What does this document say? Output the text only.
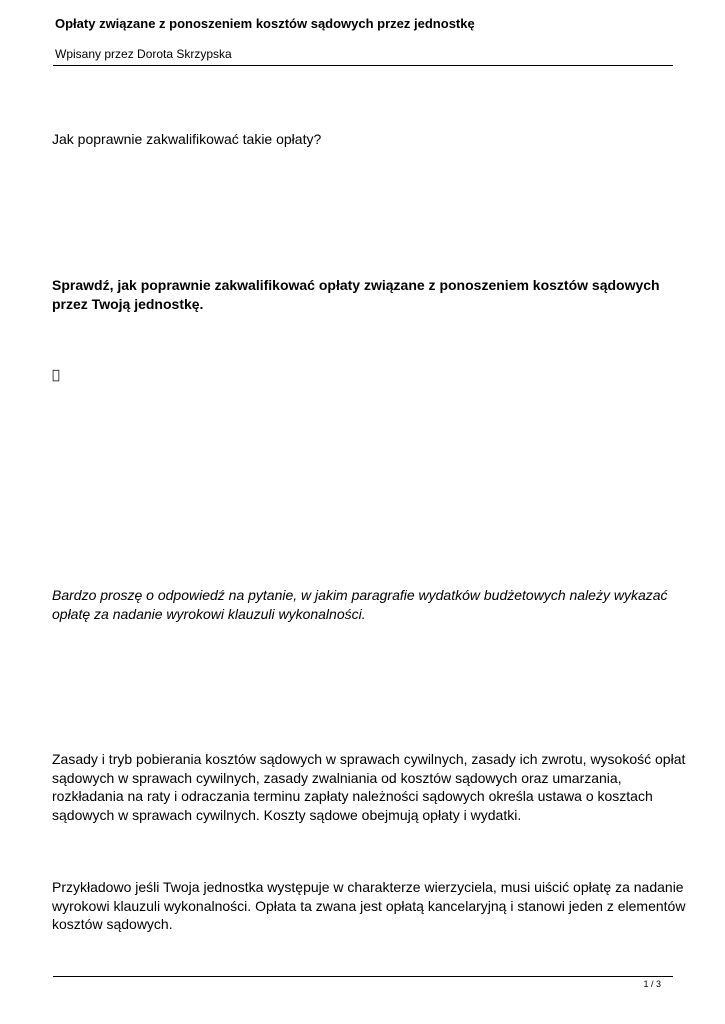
Opłaty związane z ponoszeniem kosztów sądowych przez jednostkę
Wpisany przez Dorota Skrzypska

Jak poprawnie zakwalifikować takie opłaty?

Sprawdź, jak poprawnie zakwalifikować opłaty związane z ponoszeniem kosztów sądowych przez Twoją jednostkę.

Bardzo proszę o odpowiedź na pytanie, w jakim paragrafie wydatków budżetowych należy wykazać opłatę za nadanie wyrokowi klauzuli wykonalności.

Zasady i tryb pobierania kosztów sądowych w sprawach cywilnych, zasady ich zwrotu, wysokość opłat sądowych w sprawach cywilnych, zasady zwalniania od kosztów sądowych oraz umarzania, rozkładania na raty i odraczania terminu zapłaty należności sądowych określa ustawa o kosztach sądowych w sprawach cywilnych. Koszty sądowe obejmują opłaty i wydatki.

Przykładowo jeśli Twoja jednostka występuje w charakterze wierzyciela, musi uiścić opłatę za nadanie wyrokowi klauzuli wykonalności. Opłata ta zwana jest opłatą kancelaryjną i stanowi jeden z elementów kosztów sądowych.

1 / 3
